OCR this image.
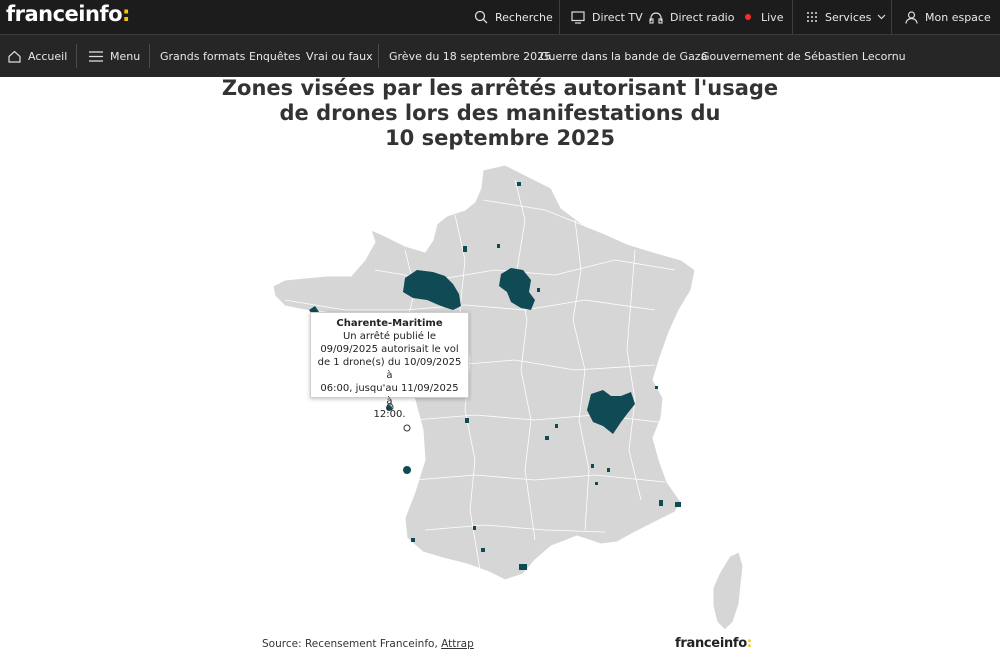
franceinfo:	Recherche	Direct TV Direct radio Live	Services	Mon espace
Accueil	Menu Grands formats Enquêtes Vrai ou faux Grève du 18 septembre 2025
Guerre dans la bande de Gaza
Gouvernement de Sébastien Lecornu
Zones visées par les arrêtés autorisant l'usage
de drones lors des manifestations du
10 septembre 2025
Charente-Maritime
Un arrêté publié le
09/09/2025 autorisait le vol
de 1 drone(s) du 10/09/2025 à
06:00, jusqu'au 11/09/2025 à
12:00.
Source: Recensement Franceinfo, Attrap	franceinfo:
